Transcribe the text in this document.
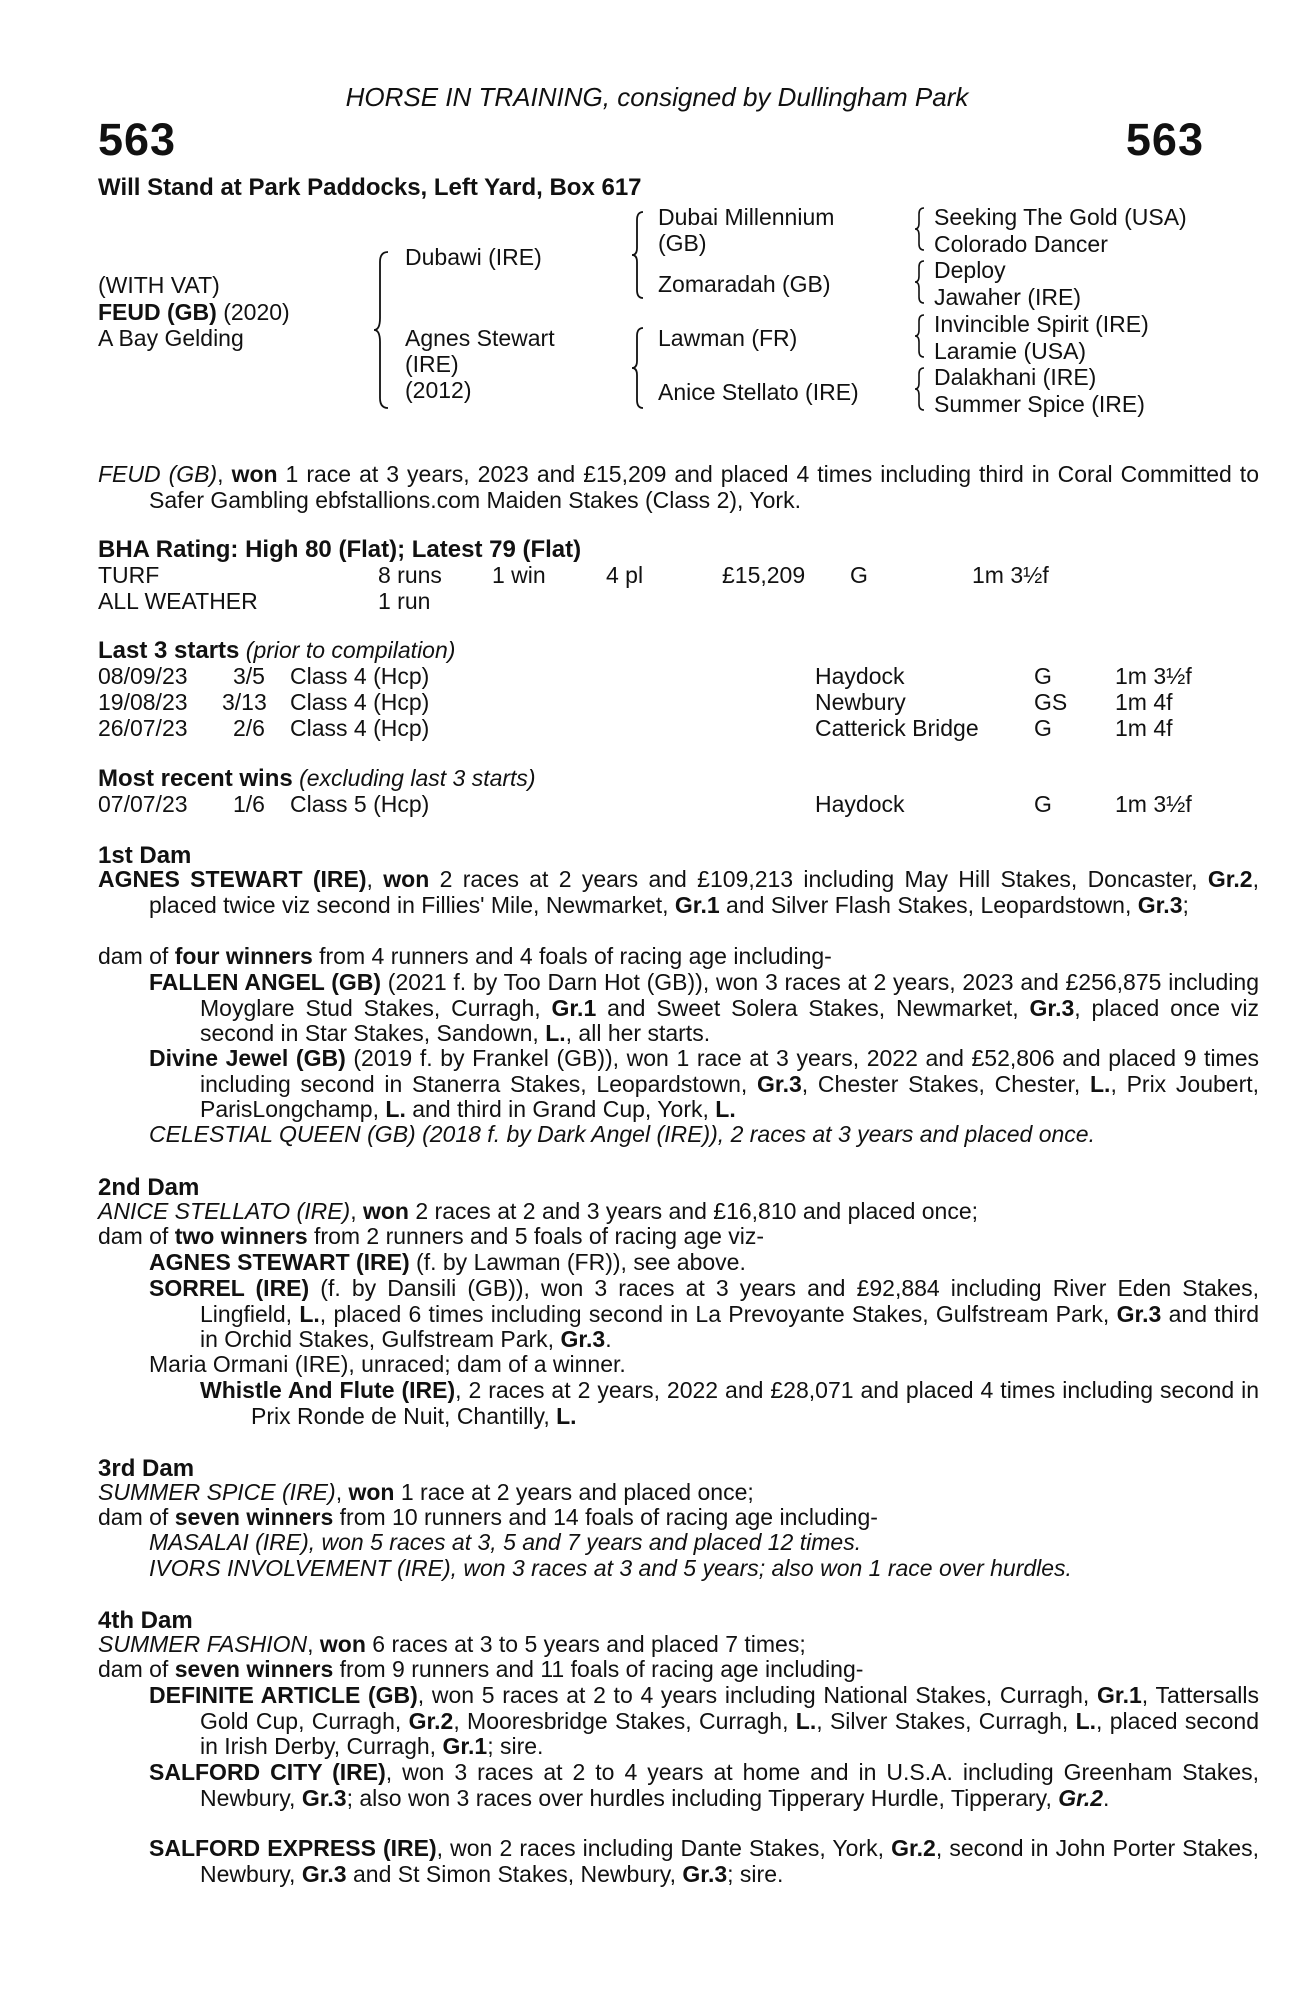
HORSE IN TRAINING, consigned by Dullingham Park
563	563
Will Stand at Park Paddocks, Left Yard, Box 617
(WITH VAT)
FEUD (GB) (2020)
A Bay Gelding
Dubawi (IRE)
Agnes Stewart
(IRE)
(2012)
Dubai Millennium
(GB)
Zomaradah (GB)
Lawman (FR)
Anice Stellato (IRE)
Seeking The Gold (USA)
Colorado Dancer
Deploy
Jawaher (IRE)
Invincible Spirit (IRE)
Laramie (USA)
Dalakhani (IRE)
Summer Spice (IRE)
FEUD (GB), won 1 race at 3 years, 2023 and £15,209 and placed 4 times including third in Coral Committed to Safer Gambling ebfstallions.com Maiden Stakes (Class 2), York.
BHA Rating: High 80 (Flat); Latest 79 (Flat)
TURF	8 runs 1 win	4 pl	£15,209 G	1m 3½f
ALL WEATHER	1 run
Last 3 starts (prior to compilation)
08/09/23 3/5 Class 4 (Hcp)	Haydock	G	1m 3½f
19/08/23 3/13 Class 4 (Hcp)	Newbury	GS 1m 4f
26/07/23 2/6 Class 4 (Hcp)	Catterick Bridge G	1m 4f
Most recent wins (excluding last 3 starts)
07/07/23 1/6 Class 5 (Hcp)	Haydock	G	1m 3½f
1st Dam
AGNES STEWART (IRE), won 2 races at 2 years and £109,213 including May Hill Stakes, Doncaster, Gr.2, placed twice viz second in Fillies' Mile, Newmarket, Gr.1 and Silver Flash Stakes, Leopardstown, Gr.3;
dam of four winners from 4 runners and 4 foals of racing age including-
FALLEN ANGEL (GB) (2021 f. by Too Darn Hot (GB)), won 3 races at 2 years, 2023 and £256,875 including Moyglare Stud Stakes, Curragh, Gr.1 and Sweet Solera Stakes, Newmarket, Gr.3, placed once viz second in Star Stakes, Sandown, L., all her starts.
Divine Jewel (GB) (2019 f. by Frankel (GB)), won 1 race at 3 years, 2022 and £52,806 and placed 9 times including second in Stanerra Stakes, Leopardstown, Gr.3, Chester Stakes, Chester, L., Prix Joubert, ParisLongchamp, L. and third in Grand Cup, York, L.
CELESTIAL QUEEN (GB) (2018 f. by Dark Angel (IRE)), 2 races at 3 years and placed once.
2nd Dam
ANICE STELLATO (IRE), won 2 races at 2 and 3 years and £16,810 and placed once;
dam of two winners from 2 runners and 5 foals of racing age viz-
AGNES STEWART (IRE) (f. by Lawman (FR)), see above.
SORREL (IRE) (f. by Dansili (GB)), won 3 races at 3 years and £92,884 including River Eden Stakes, Lingfield, L., placed 6 times including second in La Prevoyante Stakes, Gulfstream Park, Gr.3 and third in Orchid Stakes, Gulfstream Park, Gr.3.
Maria Ormani (IRE), unraced; dam of a winner.
Whistle And Flute (IRE), 2 races at 2 years, 2022 and £28,071 and placed 4 times including second in Prix Ronde de Nuit, Chantilly, L.
3rd Dam
SUMMER SPICE (IRE), won 1 race at 2 years and placed once;
dam of seven winners from 10 runners and 14 foals of racing age including-
MASALAI (IRE), won 5 races at 3, 5 and 7 years and placed 12 times.
IVORS INVOLVEMENT (IRE), won 3 races at 3 and 5 years; also won 1 race over hurdles.
4th Dam
SUMMER FASHION, won 6 races at 3 to 5 years and placed 7 times;
dam of seven winners from 9 runners and 11 foals of racing age including-
DEFINITE ARTICLE (GB), won 5 races at 2 to 4 years including National Stakes, Curragh, Gr.1, Tattersalls Gold Cup, Curragh, Gr.2, Mooresbridge Stakes, Curragh, L., Silver Stakes, Curragh, L., placed second in Irish Derby, Curragh, Gr.1; sire.
SALFORD CITY (IRE), won 3 races at 2 to 4 years at home and in U.S.A. including Greenham Stakes, Newbury, Gr.3; also won 3 races over hurdles including Tipperary Hurdle, Tipperary, Gr.2.
SALFORD EXPRESS (IRE), won 2 races including Dante Stakes, York, Gr.2, second in John Porter Stakes, Newbury, Gr.3 and St Simon Stakes, Newbury, Gr.3; sire.
